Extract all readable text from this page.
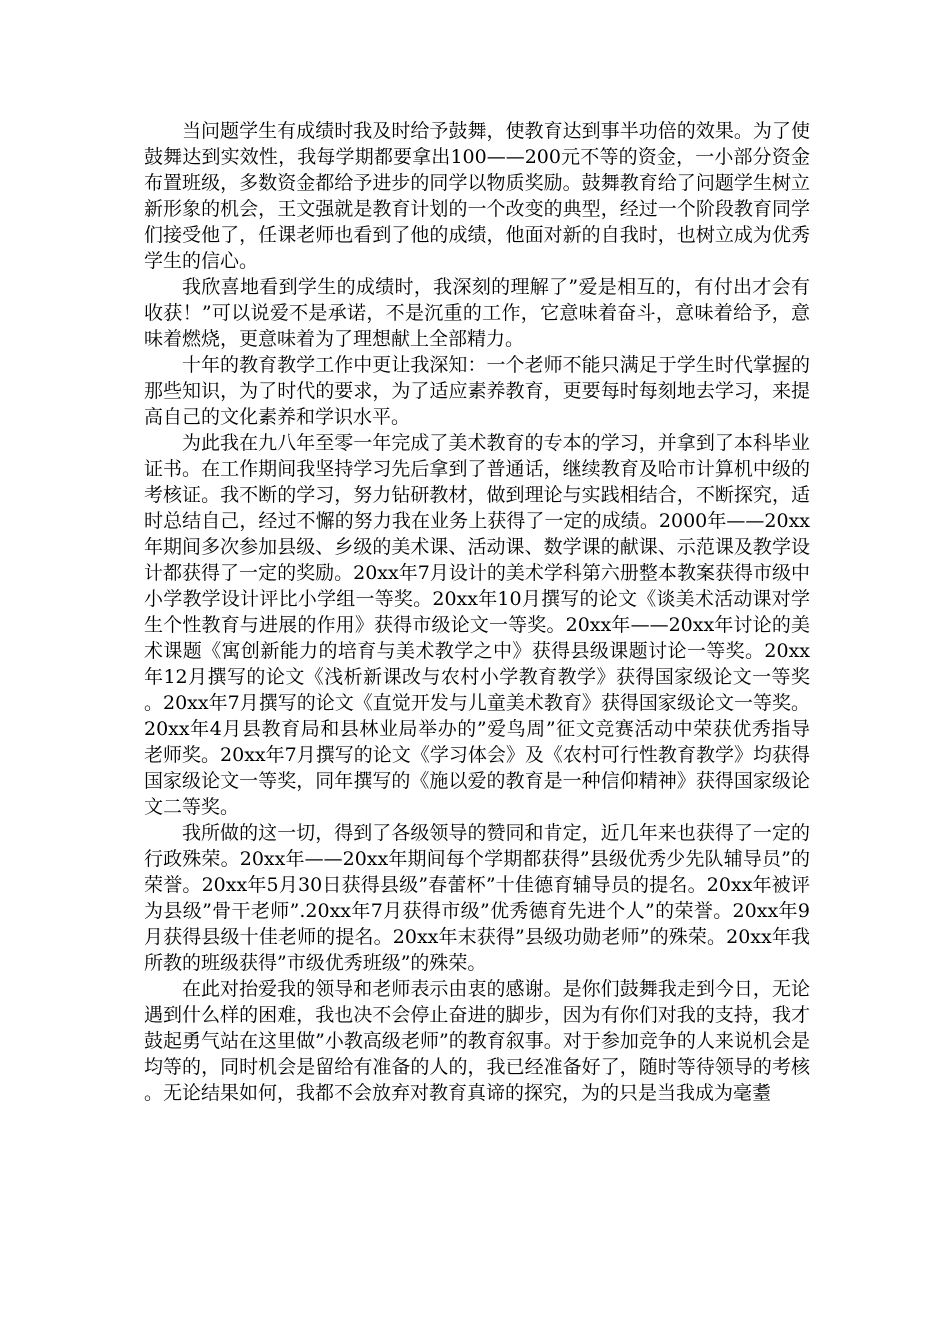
当问题学生有成绩时我及时给予鼓舞，使教育达到事半功倍的效果。为了使鼓舞达到实效性，我每学期都要拿出100——200元不等的资金，一小部分资金布置班级，多数资金都给予进步的同学以物质奖励。鼓舞教育给了问题学生树立新形象的机会，王文强就是教育计划的一个改变的典型，经过一个阶段教育同学们接受他了，任课老师也看到了他的成绩，他面对新的自我时，也树立成为优秀学生的信心。

我欣喜地看到学生的成绩时，我深刻的理解了”爱是相互的，有付出才会有收获！”可以说爱不是承诺，不是沉重的工作，它意味着奋斗，意味着给予，意味着燃烧，更意味着为了理想献上全部精力。

十年的教育教学工作中更让我深知：一个老师不能只满足于学生时代掌握的那些知识，为了时代的要求，为了适应素养教育，更要每时每刻地去学习，来提高自己的文化素养和学识水平。

为此我在九八年至零一年完成了美术教育的专本的学习，并拿到了本科毕业证书。在工作期间我坚持学习先后拿到了普通话，继续教育及哈市计算机中级的考核证。我不断的学习，努力钻研教材，做到理论与实践相结合，不断探究，适时总结自己，经过不懈的努力我在业务上获得了一定的成绩。2000年——20xx年期间多次参加县级、乡级的美术课、活动课、数学课的献课、示范课及教学设计都获得了一定的奖励。20xx年7月设计的美术学科第六册整本教案获得市级中小学教学设计评比小学组一等奖。20xx年10月撰写的论文《谈美术活动课对学生个性教育与进展的作用》获得市级论文一等奖。20xx年——20xx年讨论的美术课题《寓创新能力的培育与美术教学之中》获得县级课题讨论一等奖。20xx年12月撰写的论文《浅析新课改与农村小学教育教学》获得国家级论文一等奖。20xx年7月撰写的论文《直觉开发与儿童美术教育》获得国家级论文一等奖。20xx年4月县教育局和县林业局举办的”爱鸟周”征文竞赛活动中荣获优秀指导老师奖。20xx年7月撰写的论文《学习体会》及《农村可行性教育教学》均获得国家级论文一等奖，同年撰写的《施以爱的教育是一种信仰精神》获得国家级论文二等奖。

我所做的这一切，得到了各级领导的赞同和肯定，近几年来也获得了一定的行政殊荣。20xx年——20xx年期间每个学期都获得”县级优秀少先队辅导员”的荣誉。20xx年5月30日获得县级”春蕾杯”十佳德育辅导员的提名。20xx年被评为县级”骨干老师”.20xx年7月获得市级”优秀德育先进个人”的荣誉。20xx年9月获得县级十佳老师的提名。20xx年末获得”县级功勋老师”的殊荣。20xx年我所教的班级获得”市级优秀班级”的殊荣。

在此对抬爱我的领导和老师表示由衷的感谢。是你们鼓舞我走到今日，无论遇到什么样的困难，我也决不会停止奋进的脚步，因为有你们对我的支持，我才鼓起勇气站在这里做”小教高级老师”的教育叙事。对于参加竞争的人来说机会是均等的，同时机会是留给有准备的人的，我已经准备好了，随时等待领导的考核。无论结果如何，我都不会放弃对教育真谛的探究，为的只是当我成为毫耋
